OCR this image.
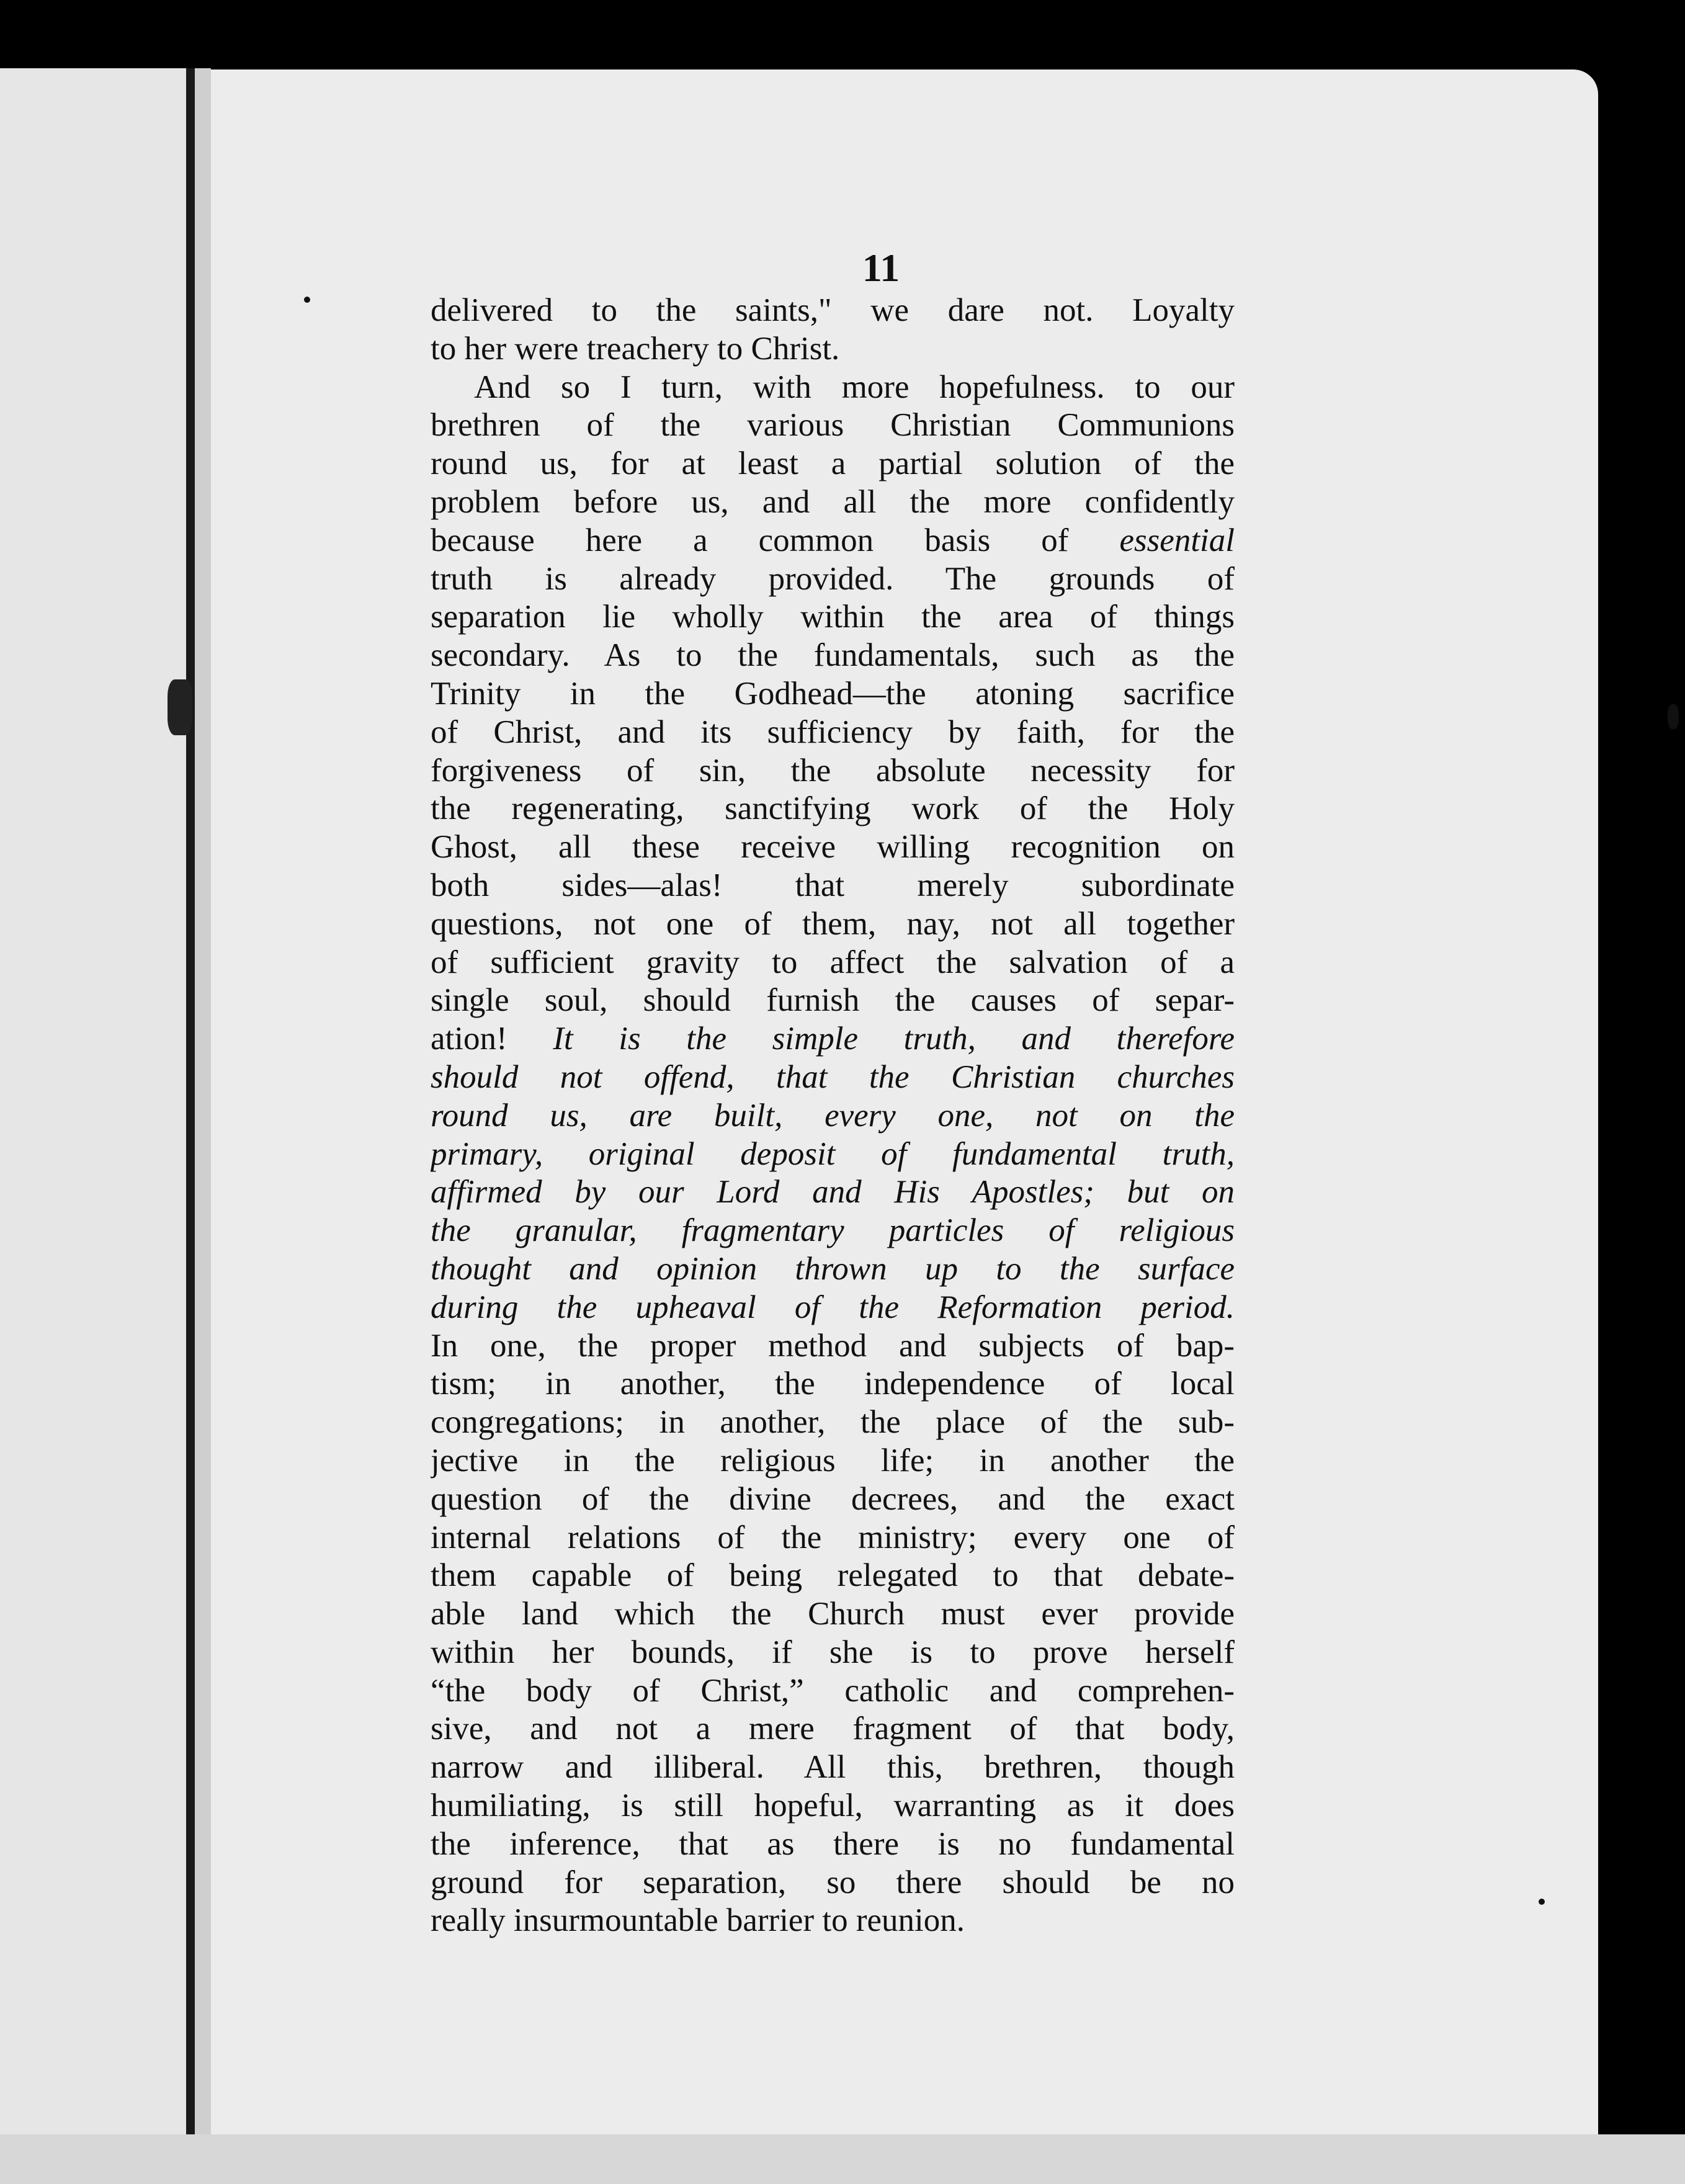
11
delivered to the saints," we dare not. Loyalty
to her were treachery to Christ.
And so I turn, with more hopefulness. to our
brethren of the various Christian Communions
round us, for at least a partial solution of the
problem before us, and all the more confidently
because here a common basis of essential
truth is already provided. The grounds of
separation lie wholly within the area of things
secondary. As to the fundamentals, such as the
Trinity in the Godhead—the atoning sacrifice
of Christ, and its sufficiency by faith, for the
forgiveness of sin, the absolute necessity for
the regenerating, sanctifying work of the Holy
Ghost, all these receive willing recognition on
both sides—alas! that merely subordinate
questions, not one of them, nay, not all together
of sufficient gravity to affect the salvation of a
single soul, should furnish the causes of separ-
ation! It is the simple truth, and therefore
should not offend, that the Christian churches
round us, are built, every one, not on the
primary, original deposit of fundamental truth,
affirmed by our Lord and His Apostles; but on
the granular, fragmentary particles of religious
thought and opinion thrown up to the surface
during the upheaval of the Reformation period.
In one, the proper method and subjects of bap-
tism; in another, the independence of local
congregations; in another, the place of the sub-
jective in the religious life; in another the
question of the divine decrees, and the exact
internal relations of the ministry; every one of
them capable of being relegated to that debate-
able land which the Church must ever provide
within her bounds, if she is to prove herself
“the body of Christ,” catholic and comprehen-
sive, and not a mere fragment of that body,
narrow and illiberal. All this, brethren, though
humiliating, is still hopeful, warranting as it does
the inference, that as there is no fundamental
ground for separation, so there should be no
really insurmountable barrier to reunion.
